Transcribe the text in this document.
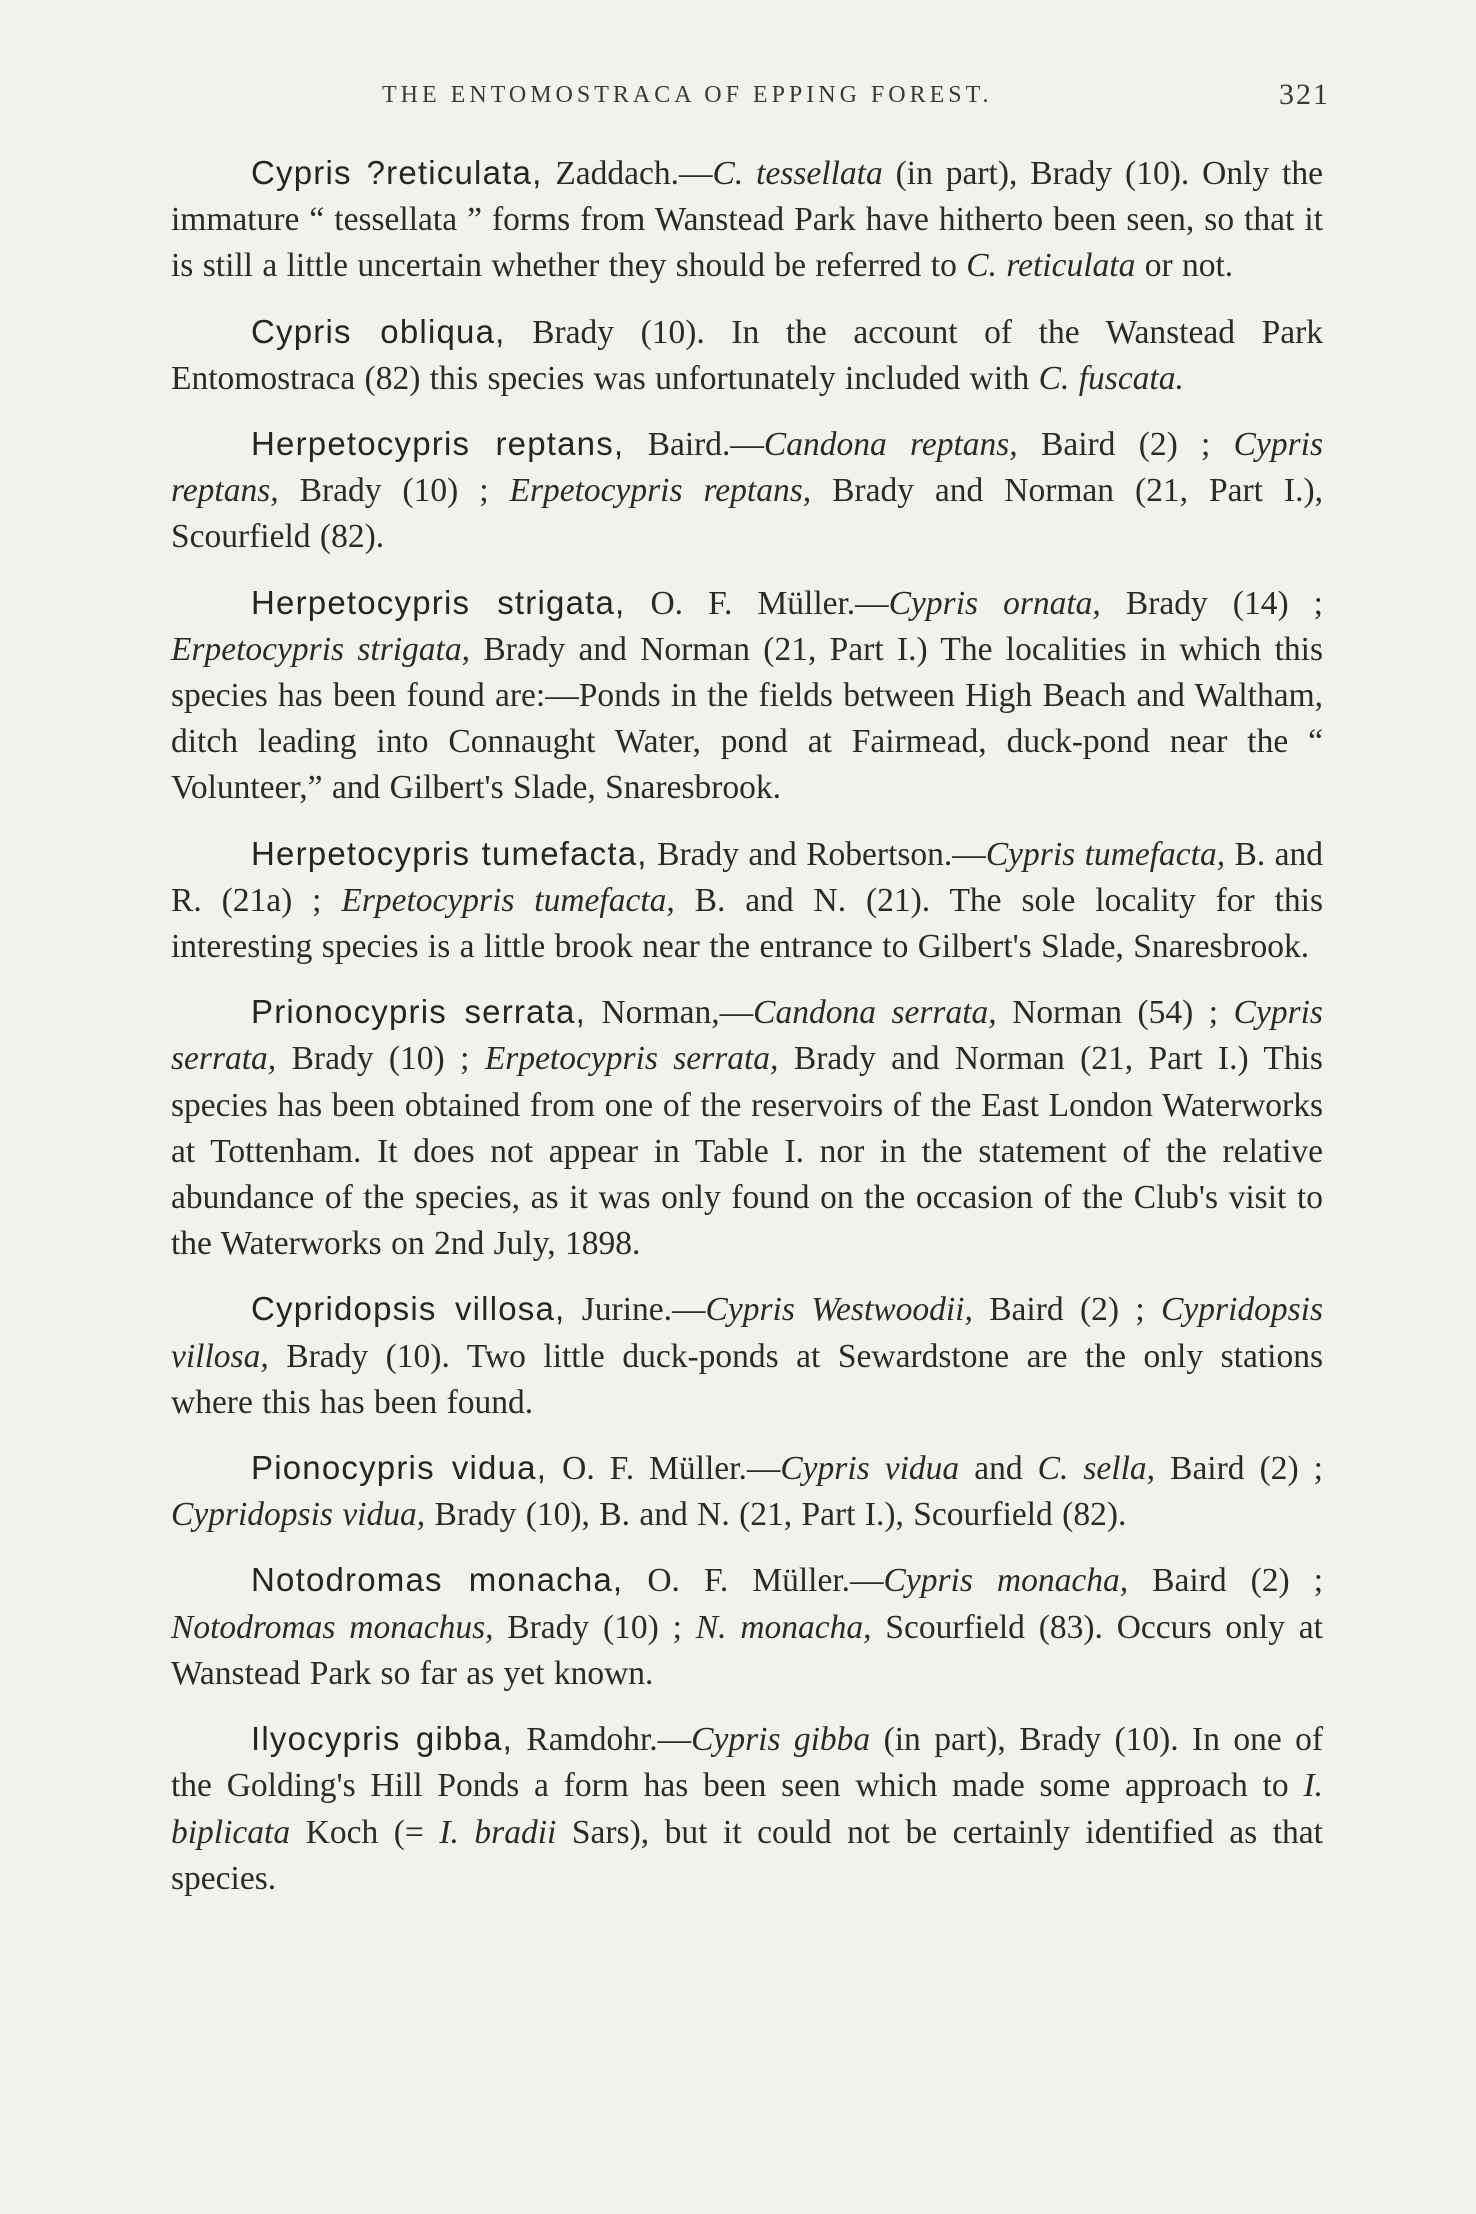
THE ENTOMOSTRACA OF EPPING FOREST.	321

Cypris ?reticulata, Zaddach.—C. tessellata (in part), Brady (10). Only the immature “ tessellata ” forms from Wanstead Park have hitherto been seen, so that it is still a little uncertain whether they should be referred to C. reticulata or not.

Cypris obliqua, Brady (10). In the account of the Wanstead Park Entomostraca (82) this species was unfortunately included with C. fuscata.

Herpetocypris reptans, Baird.—Candona reptans, Baird (2) ; Cypris reptans, Brady (10) ; Erpetocypris reptans, Brady and Norman (21, Part I.), Scourfield (82).

Herpetocypris strigata, O. F. Müller.—Cypris ornata, Brady (14) ; Erpetocypris strigata, Brady and Norman (21, Part I.) The localities in which this species has been found are:—Ponds in the fields between High Beach and Waltham, ditch leading into Connaught Water, pond at Fairmead, duck-pond near the “ Volunteer,” and Gilbert's Slade, Snaresbrook.

Herpetocypris tumefacta, Brady and Robertson.—Cypris tumefacta, B. and R. (21a) ; Erpetocypris tumefacta, B. and N. (21). The sole locality for this interesting species is a little brook near the entrance to Gilbert's Slade, Snaresbrook.

Prionocypris serrata, Norman,—Candona serrata, Norman (54) ; Cypris serrata, Brady (10) ; Erpetocypris serrata, Brady and Norman (21, Part I.) This species has been obtained from one of the reservoirs of the East London Waterworks at Tottenham. It does not appear in Table I. nor in the statement of the relative abundance of the species, as it was only found on the occasion of the Club's visit to the Waterworks on 2nd July, 1898.

Cypridopsis villosa, Jurine.—Cypris Westwoodii, Baird (2) ; Cypridopsis villosa, Brady (10). Two little duck-ponds at Sewardstone are the only stations where this has been found.

Pionocypris vidua, O. F. Müller.—Cypris vidua and C. sella, Baird (2) ; Cypridopsis vidua, Brady (10), B. and N. (21, Part I.), Scourfield (82).

Notodromas monacha, O. F. Müller.—Cypris monacha, Baird (2) ; Notodromas monachus, Brady (10) ; N. monacha, Scourfield (83). Occurs only at Wanstead Park so far as yet known.

Ilyocypris gibba, Ramdohr.—Cypris gibba (in part), Brady (10). In one of the Golding's Hill Ponds a form has been seen which made some approach to I. biplicata Koch (= I. bradii Sars), but it could not be certainly identified as that species.
